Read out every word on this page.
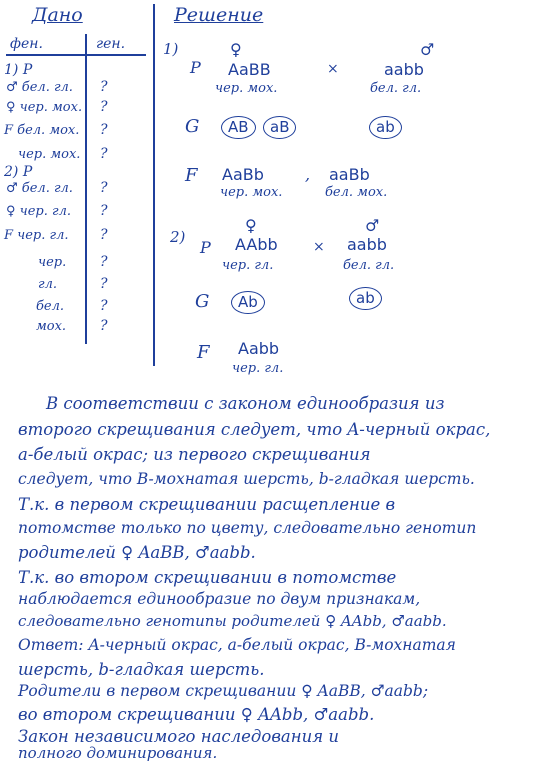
Дано
фен.	ген.
1) P
♂ бел. гл. ?
♀ чер. мох. ?
F бел. мох. ?
чер. мох. ?
2) P
♂ бел. гл. ?
♀ чер. гл. ?
F чер. гл. ?
чер. ?
гл.	?
бел.	?
мох. ?
Решение
1)	♀	♂
P AaBB	×	aabb
чер. мох.	бел. гл.
G	AB	aB	ab
F AaBb	, aaBb
чер. мох.	бел. мох.
2)
♀	♂
P AAbb	× aabb
чер. гл.	бел. гл.
G	Ab	ab
F Aabb
чер. гл.
В соответствии с законом единообразия из
второго скрещивания следует, что A-черный окрас,
a-белый окрас; из первого скрещивания
следует, что B-мохнатая шерсть, b-гладкая шерсть.
Т.к. в первом скрещивании расщепление в
потомстве только по цвету, следовательно генотип
родителей ♀ AaBB, ♂aabb.
Т.к. во втором скрещивании в потомстве
наблюдается единообразие по двум признакам,
следовательно генотипы родителей ♀ AAbb, ♂aabb.
Ответ: A-черный окрас, a-белый окрас, B-мохнатая
шерсть, b-гладкая шерсть.
Родители в первом скрещивании ♀ AaBB, ♂aabb;
во втором скрещивании ♀ AAbb, ♂aabb.
Закон независимого наследования и
полного доминирования.
